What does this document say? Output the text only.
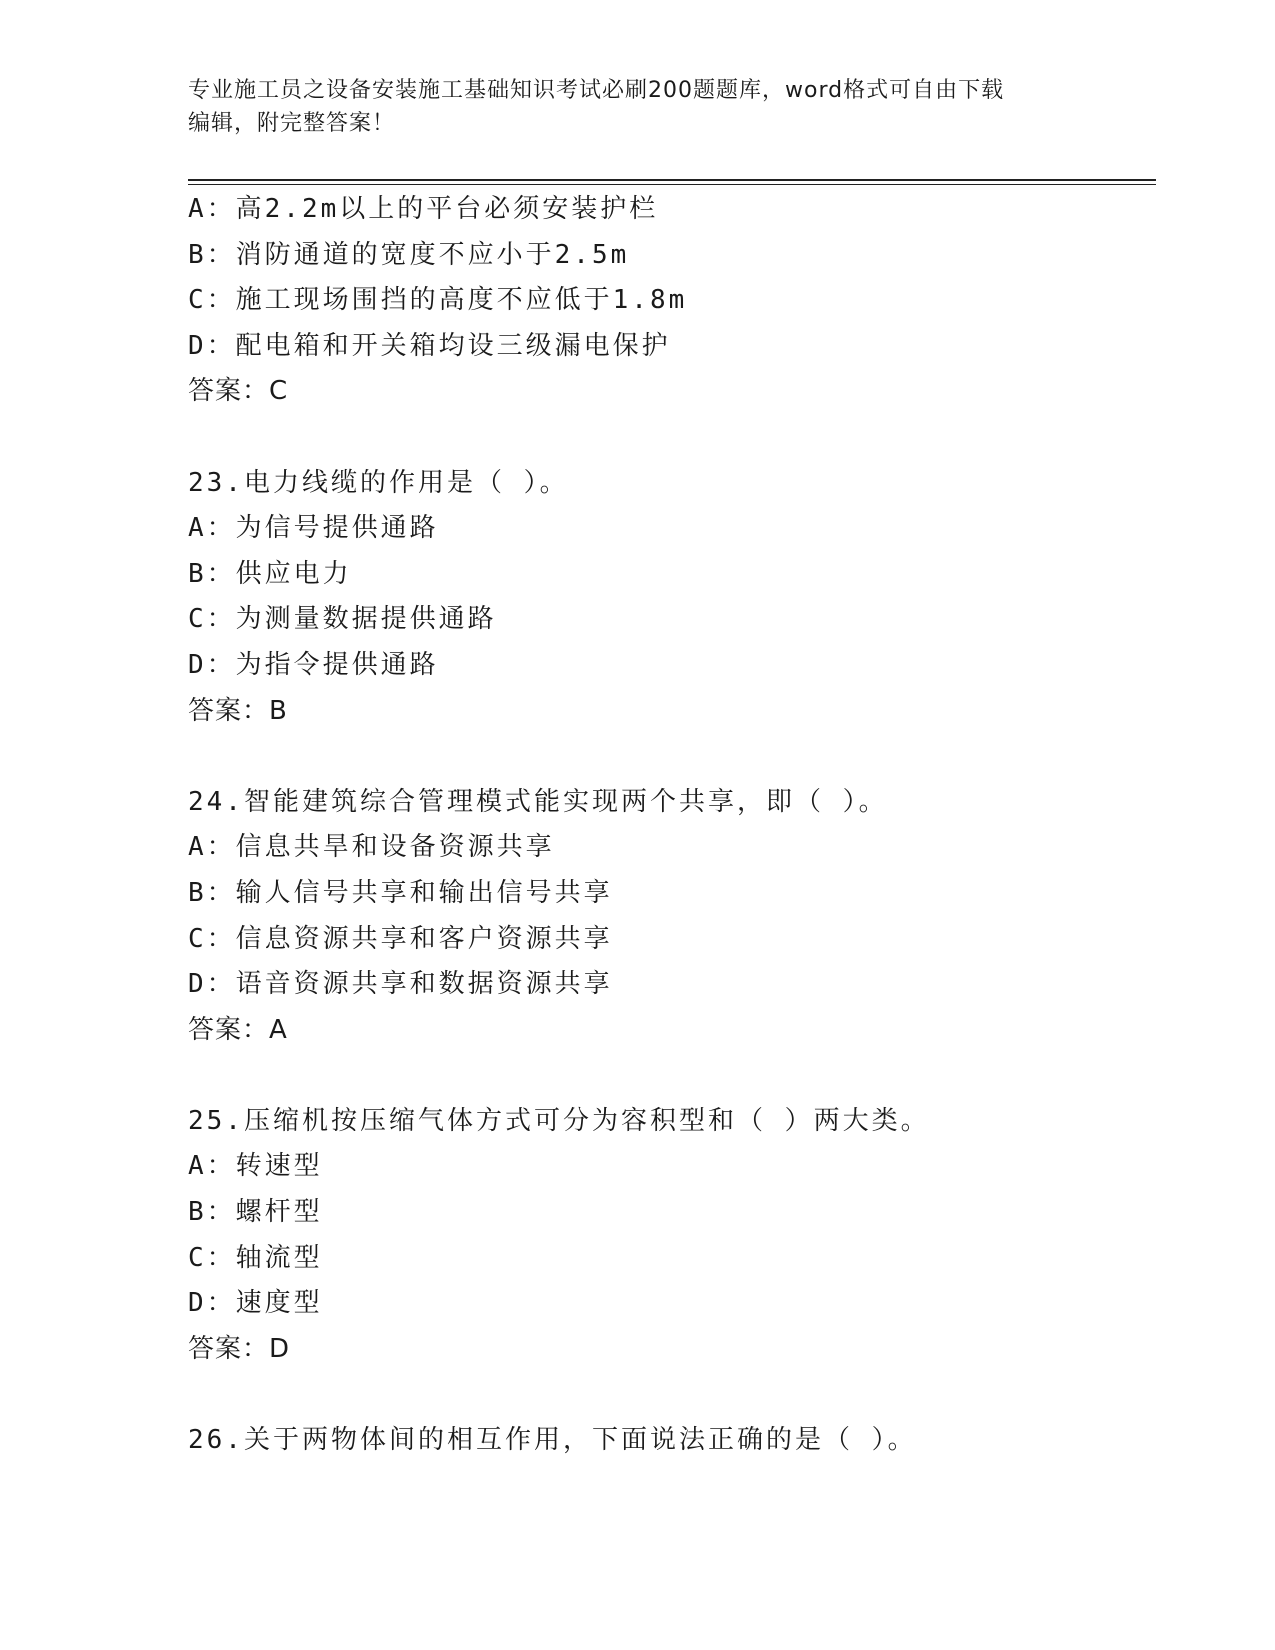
专业施工员之设备安装施工基础知识考试必刷200题题库，word格式可自由下载
编辑，附完整答案！
A：高2.2m以上的平台必须安装护栏
B：消防通道的宽度不应小于2.5m
C：施工现场围挡的高度不应低于1.8m
D：配电箱和开关箱均设三级漏电保护
答案：C
23.电力线缆的作用是（ ）。
A：为信号提供通路
B：供应电力
C：为测量数据提供通路
D：为指令提供通路
答案：B
24.智能建筑综合管理模式能实现两个共享，即（ ）。
A：信息共旱和设备资源共享
B：输人信号共享和输出信号共享
C：信息资源共享和客户资源共享
D：语音资源共享和数据资源共享
答案：A
25.压缩机按压缩气体方式可分为容积型和（ ）两大类。
A：转速型
B：螺杆型
C：轴流型
D：速度型
答案：D
26.关于两物体间的相互作用，下面说法正确的是（ ）。
